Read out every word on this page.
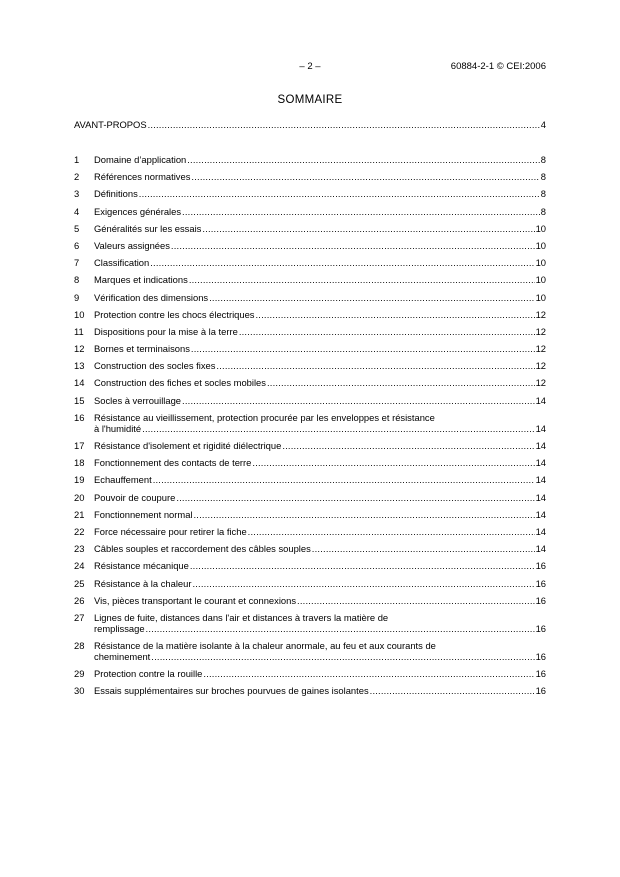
– 2 –	60884-2-1 © CEI:2006
SOMMAIRE
AVANT-PROPOS .....	4
1	Domaine d’application .....	8
2	Références normatives .....	8
3	Définitions .....	8
4	Exigences générales .....	8
5	Généralités sur les essais .....	10
6	Valeurs assignées .....	10
7	Classification .....	10
8	Marques et indications .....	10
9	Vérification des dimensions .....	10
10	Protection contre les chocs électriques .....	12
11	Dispositions pour la mise à la terre .....	12
12	Bornes et terminaisons .....	12
13	Construction des socles fixes .....	12
14	Construction des fiches et socles mobiles .....	12
15	Socles à verrouillage .....	14
16	Résistance au vieillissement, protection procurée par les enveloppes et résistance
à l'humidité .....	14
17	Résistance d'isolement et rigidité diélectrique .....	14
18	Fonctionnement des contacts de terre .....	14
19	Echauffement .....	14
20	Pouvoir de coupure .....	14
21	Fonctionnement normal .....	14
22	Force nécessaire pour retirer la fiche .....	14
23	Câbles souples et raccordement des câbles souples .....	14
24	Résistance mécanique .....	16
25	Résistance à la chaleur .....	16
26	Vis, pièces transportant le courant et connexions .....	16
27	Lignes de fuite, distances dans l'air et distances à travers la matière de
remplissage .....	16
28	Résistance de la matière isolante à la chaleur anormale, au feu et aux courants de
cheminement .....	16
29	Protection contre la rouille .....	16
30	Essais supplémentaires sur broches pourvues de gaines isolantes .....	16
